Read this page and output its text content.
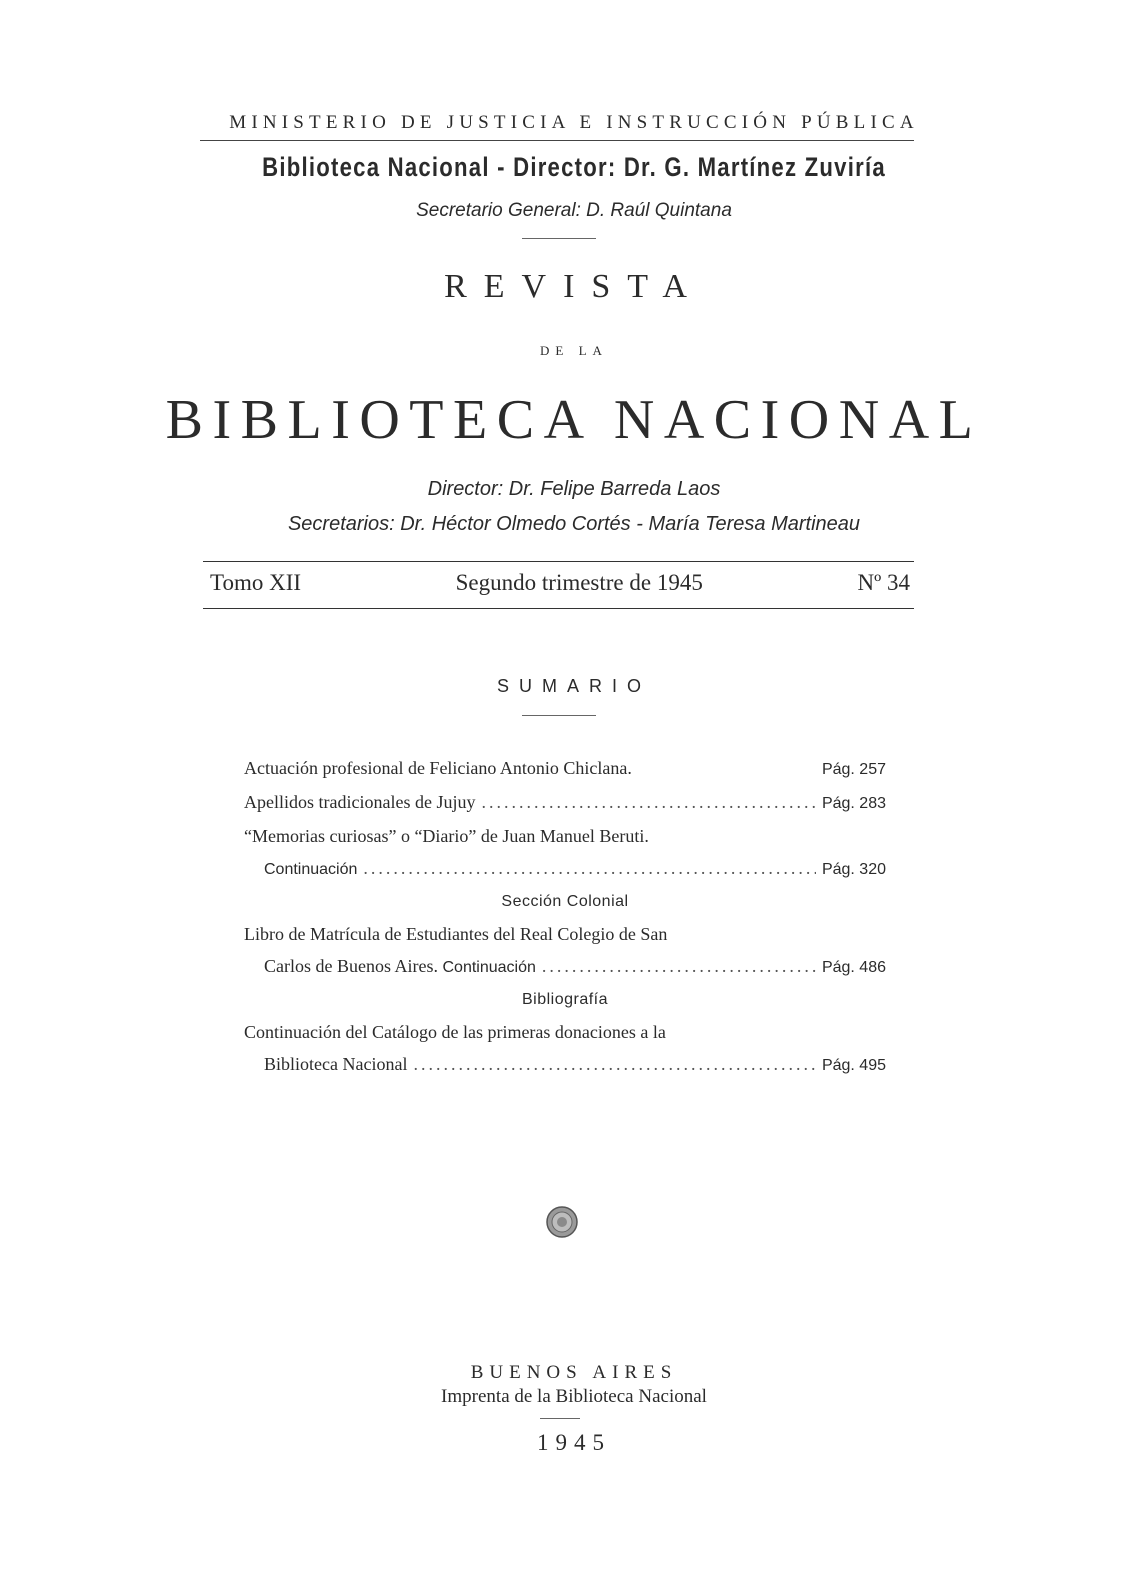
MINISTERIO DE JUSTICIA E INSTRUCCIÓN PÚBLICA
Biblioteca Nacional - Director: Dr. G. Martínez Zuviría
Secretario General: D. Raúl Quintana
REVISTA
DE LA
BIBLIOTECA NACIONAL
Director: Dr. Felipe Barreda Laos
Secretarios: Dr. Héctor Olmedo Cortés - María Teresa Martineau
Tomo XII	Segundo trimestre de 1945	Nº 34
SUMARIO
Actuación profesional de Feliciano Antonio Chiclana.	Pág. 257
Apellidos tradicionales de Jujuy .....	Pág. 283
“Memorias curiosas” o “Diario” de Juan Manuel Beruti.
Continuación .....	Pág. 320
Sección Colonial
Libro de Matrícula de Estudiantes del Real Colegio de San
Carlos de Buenos Aires.
Continuación .....	Pág. 486
Bibliografía
Continuación del Catálogo de las primeras donaciones a la
Biblioteca Nacional .....	Pág. 495
BUENOS AIRES
Imprenta de la Biblioteca Nacional
1945
